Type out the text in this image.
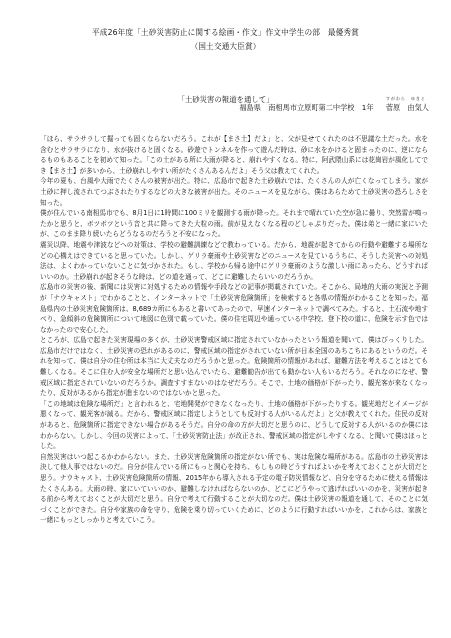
平成26年度「土砂災害防止に関する絵画・作文」作文中学生の部　最優秀賞
（国土交通大臣賞）
「土砂災害の報道を通して」
福島県 南相馬市立原町第二中学校 1年
すがわら　ゆきと
菅原　由気人

「ほら、サラサラして掘っても固くならないだろう。これが【まさ土】だよ」と、父が見せてくれたのは不思議な土だった。水を含むとサラサラになり、水が抜けると固くなる。砂遊でトンネルを作って遊んだ時は、砂に水をかけると固まったのに、逆にならるものもあることを初めて知った。「この土がある所に大雨が降ると、崩れやすくなる。特に、阿武隈山系には花崗岩が風化してでき【まさ土】が多いから、土砂崩れしやすい所がたくさんあるんだよ」そう父は教えてくれた。

今年の夏も、台風や大雨でたくさんの被害が出た。特に、広島市で起きた土砂崩れでは、たくさんの人が亡くなってしまう。家が土砂に押し流されてつぶされたりするなどの大きな被害が出た。そのニュースを見ながら、僕はあらためて土砂災害の恐ろしさを知った。

僕が住んでいる南相馬市でも、8月1日に1時間に100ミリを観測する雨が降った。それまで晴れていた空が急に曇り、突然雷が鳴ったかと思うと、ボツボツという音と共に降ってきた大粒の雨。前が見えなくなる程のどしゃぶりだった。僕は弟と一緒に家にいたが、このまま降り続いたらどうなるのだろうと不安になった。

震災以降、地震や津波などへの対策は、学校の避難訓練などで教わっている。だから、地震が起きてからの行動や避難する場所などの心構えはできていると思っていた。しかし、ゲリラ豪雨や土砂災害などのニュースを見ているうちに、そうした災害への対処法は、よくわかっていないことに気づかされた。もし、学校から帰る途中にゲリラ豪雨のような激しい雨にあったら、どうすればいいのか。土砂崩れが起きそうな時は、どの道を通って、どこに避難したらいいのだろうか。

広島市の災害の後、新聞には災害に対処するための情報や手段などの記事が掲載されていた。そこから、局地的大雨の実況と予測が「ナウキャスト」でわかることと、インターネットで「土砂災害危険箇所」を検索すると各県の情報がわかることを知った。福島県内の土砂災害危険箇所は、8,689カ所にもあると書いてあったので、早速インターネットで調べてみた。すると、土石流や地すべり、急傾斜の危険箇所について地図に色別で載っていた。僕の住宅周辺や通っている中学校、登下校の道に、危険を示す色ではなかったので安心した。

ところが、広島で起きた災害現場の多くが、土砂災害警戒区域に指定されていなかったという報道を聞いて、僕はびっくりした。広島市だけではなく、土砂災害の恐れがあるのに、警戒区域の指定がされていない所が日本全国のあちこちにあるというのだ。それを知って、僕は自分の住む所は本当に大丈夫なのだろうかと思った。危険箇所の情報があれば、避難方法を考えることはとても難しくなる。そこに住む人が安全な場所だと思い込んでいたら、避難勧告が出ても動かない人もいるだろう。それなのになぜ、警戒区域に指定されていないのだろうか。調査すすまないのはなぜだろう。そこで、土地の価格が下がったり、観光客が来なくなったり、反対があるから指定が進まないのではないかと思った。

「この地域は危険な場所だ」と言われると、宅地開発ができなくなったり、土地の価格が下がったりする。観光地だとイメージが悪くなって、観光客が減る。だから、警戒区域に指定しようとしても反対する人がいるんだよ」と父が教えてくれた。住民の反対があると、危険箇所に指定できない場合があるそうだ。自分の命の方が大切だと思うのに、どうして反対する人がいるのか僕にはわからない。しかし、今回の災害によって、「土砂災害防止法」が改正され、警戒区域の指定がしやすくなる、と聞いて僕はほっとした。

自然災害はいつ起こるかわからない。また、土砂災害危険箇所の指定がない所でも、実は危険な場所がある。広島市の土砂災害は決して他人事ではないのだ。自分が住んでいる所にもっと関心を持ち、もしもの時どうすればよいかを考えておくことが大切だと思う。ナウキャスト、土砂災害危険箇所の情報、2015年から導入される予定の電子防災情報など、自分を守るために使える情報はたくさんある。大雨の時、家にいていいのか、避難しなければならないのか、どこにどうやって逃げればいいのかを、災害が起きる前から考えておくことが大切だと思う。自分で考えて行動することが大切なのだ。僕は土砂災害の報道を通して、そのことに気づくことができた。自分や家族の命を守り、危険を乗り切っていくために、どのように行動すればいいかを、これからは、家族と一緒にもっとしっかりと考えていこう。
